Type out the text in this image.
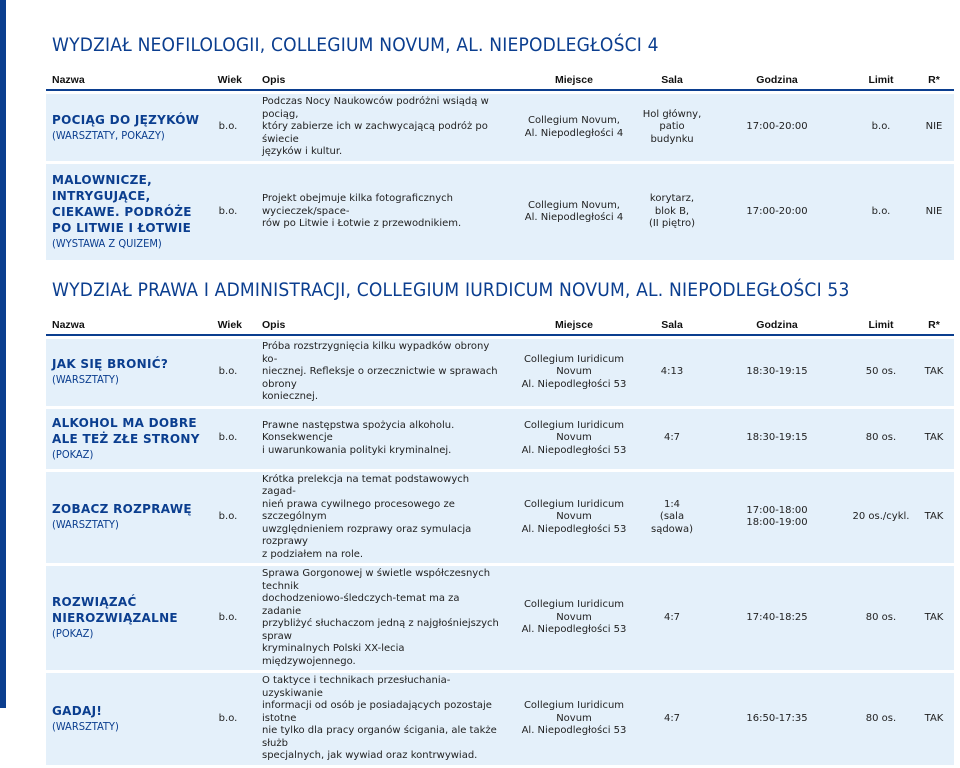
WYDZIAŁ NEOFILOLOGII, COLLEGIUM NOVUM, AL. NIEPODLEGŁOŚCI 4
Nazwa	Wiek	Opis	Miejsce	Sala	Godzina	Limit	R*

POCIĄG DO JĘZYKÓW
(WARSZTATY, POKAZY)	b.o.	Podczas Nocy Naukowców podróżni wsiądą w pociąg,
który zabierze ich w zachwycającą podróż po świecie
języków i kultur.	Collegium Novum,
Al. Niepodległości 4	Hol główny,
patio budynku	17:00-20:00	b.o.	NIE

MALOWNICZE,
INTRYGUJĄCE,
CIEKAWE. PODRÓŻE
PO LITWIE I ŁOTWIE
(WYSTAWA Z QUIZEM)	b.o.	Projekt obejmuje kilka fotograficznych wycieczek/space-
rów po Litwie i Łotwie z przewodnikiem.	Collegium Novum,
Al. Niepodległości 4	korytarz,
blok B,
(II piętro)	17:00-20:00	b.o.	NIE
WYDZIAŁ PRAWA I ADMINISTRACJI, COLLEGIUM IURDICUM NOVUM, AL. NIEPODLEGŁOŚCI 53
Nazwa	Wiek	Opis	Miejsce	Sala	Godzina	Limit	R*

JAK SIĘ BRONIĆ?
(WARSZTATY)	b.o.	Próba rozstrzygnięcia kilku wypadków obrony ko-
niecznej. Refleksje o orzecznictwie w sprawach obrony
koniecznej.	Collegium Iuridicum
Novum
Al. Niepodległości 53	4:13	18:30-19:15	50 os.	TAK

ALKOHOL MA DOBRE
ALE TEŻ ZŁE STRONY
(POKAZ)	b.o.	Prawne następstwa spożycia alkoholu. Konsekwencje
i uwarunkowania polityki kryminalnej.	Collegium Iuridicum
Novum
Al. Niepodległości 53	4:7	18:30-19:15	80 os.	TAK

ZOBACZ ROZPRAWĘ
(WARSZTATY)	b.o.	Krótka prelekcja na temat podstawowych zagad-
nień prawa cywilnego procesowego ze szczególnym
uwzględnieniem rozprawy oraz symulacja rozprawy
z podziałem na role.	Collegium Iuridicum
Novum
Al. Niepodległości 53	1:4
(sala sądowa)	17:00-18:00
18:00-19:00	20 os./cykl.	TAK

ROZWIĄZAĆ
NIEROZWIĄZALNE
(POKAZ)	b.o.	Sprawa Gorgonowej w świetle współczesnych technik
dochodzeniowo-śledczych-temat ma za zadanie
przybliżyć słuchaczom jedną z najgłośniejszych spraw
kryminalnych Polski XX-lecia międzywojennego.	Collegium Iuridicum
Novum
Al. Niepodległości 53	4:7	17:40-18:25	80 os.	TAK

GADAJ!
(WARSZTATY)	b.o.	O taktyce i technikach przesłuchania-uzyskiwanie
informacji od osób je posiadających pozostaje istotne
nie tylko dla pracy organów ścigania, ale także służb
specjalnych, jak wywiad oraz kontrwywiad.	Collegium Iuridicum
Novum
Al. Niepodległości 53	4:7	16:50-17:35	80 os.	TAK
